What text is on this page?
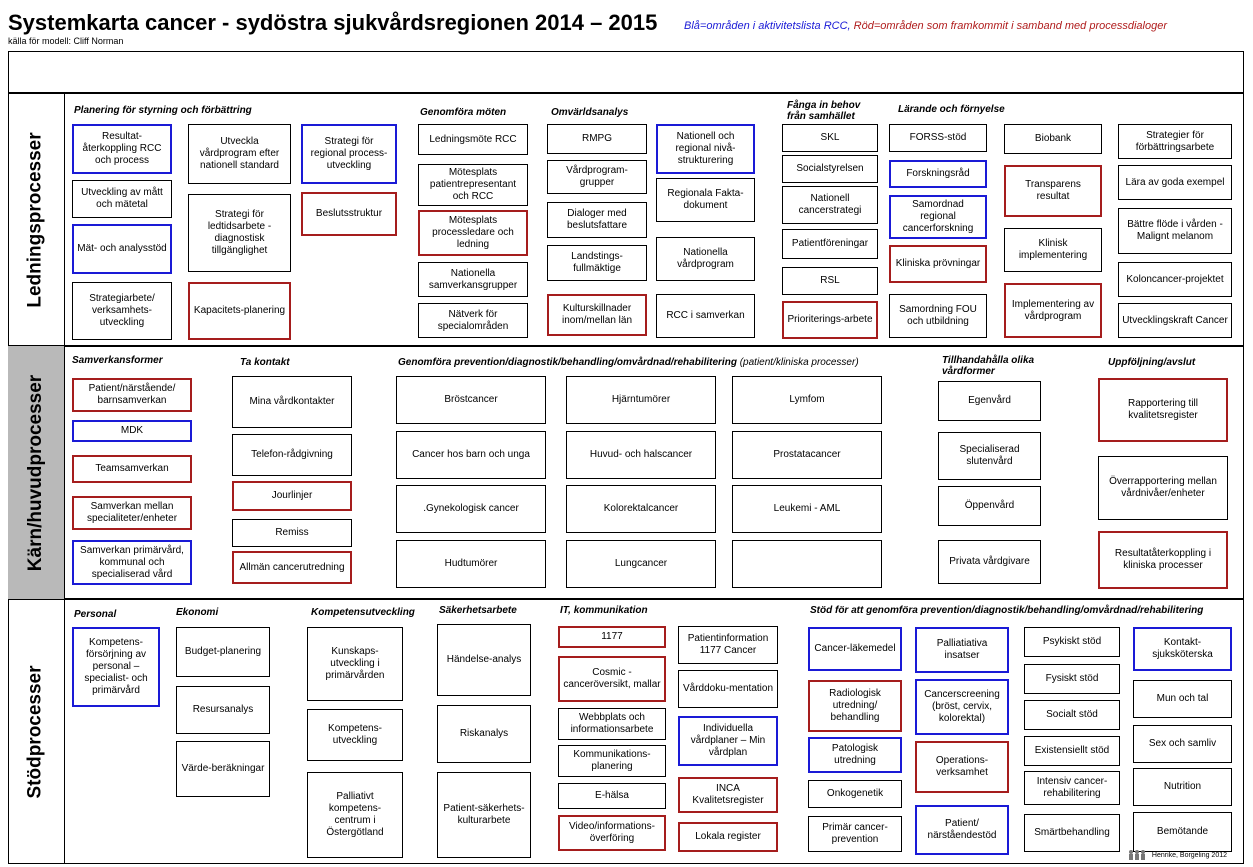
Systemkarta cancer - sydöstra sjukvårdsregionen 2014 – 2015
källa för modell: Cliff Norman
Blå=områden i aktivitetslista RCC, Röd=områden som framkommit i samband med processdialoger
Ledningsprocesser
Kärn/huvudprocesser
Stödprocesser
Planering för styrning och förbättring	Genomföra möten	Omvärldsanalys
Fånga in behov från samhället
Lärande och förnyelse
Samverkansformer	Ta kontakt	Genomföra prevention/diagnostik/behandling/omvårdnad/rehabilitering (patient/kliniska processer)	Tillhandahålla olika vårdformer
Uppföljning/avslut
Personal	Ekonomi	Kompetensutveckling Säkerhetsarbete	IT, kommunikation	Stöd för att genomföra prevention/diagnostik/behandling/omvårdnad/rehabilitering
Resultat-återkoppling RCC och process
Utveckla vårdprogram efter nationell standard
Strategi för regional process-utveckling
Utveckling av mått och mätetal
Strategi för ledtidsarbete - diagnostisk tillgänglighet
Beslutsstruktur
Mät- och analysstöd
Strategiarbete/ verksamhets-utveckling
Kapacitets-planering
Ledningsmöte RCC
Mötesplats patientrepresentant och RCC
Mötesplats processledare och ledning
Nationella samverkansgrupper
Nätverk för specialområden
RMPG
Vårdprogram-grupper
Dialoger med beslutsfattare
Landstings-fullmäktige
Kulturskillnader inom/mellan län
Nationell och regional nivå-strukturering
Regionala Fakta-dokument
Nationella vårdprogram
RCC i samverkan
SKL
Socialstyrelsen
Nationell cancerstrategi
Patientföreningar
RSL
Prioriterings-arbete
FORSS-stöd
Forskningsråd
Samordnad regional cancerforskning
Kliniska prövningar
Samordning FOU och utbildning
Biobank
Transparens resultat
Klinisk implementering
Implementering av vårdprogram
Strategier för förbättringsarbete
Lära av goda exempel
Bättre flöde i vården - Malignt melanom
Koloncancer-projektet
Utvecklingskraft Cancer
Patient/närstående/ barnsamverkan
MDK
Teamsamverkan
Samverkan mellan specialiteter/enheter
Samverkan primärvård, kommunal och specialiserad vård
Mina vårdkontakter
Telefon-rådgivning
Jourlinjer
Remiss
Allmän cancerutredning
Bröstcancer	Hjärntumörer	Lymfom
Cancer hos barn och unga	Huvud- och halscancer	Prostatacancer
.Gynekologisk cancer	Kolorektalcancer	Leukemi - AML
Hudtumörer	Lungcancer
Egenvård
Specialiserad slutenvård
Öppenvård
Privata vårdgivare
Rapportering till kvalitetsregister
Överrapportering mellan vårdnivåer/enheter
Resultatåterkoppling i kliniska processer
Kompetens-försörjning av personal – specialist- och primärvård
Budget-planering
Resursanalys
Värde-beräkningar
Kunskaps-utveckling i primärvården
Kompetens-utveckling
Palliativt kompetens-centrum i Östergötland
Händelse-analys
Riskanalys
Patient-säkerhets-kulturarbete
1177
Cosmic - canceröversikt, mallar
Webbplats och informationsarbete
Kommunikations-planering
E-hälsa
Video/informations-överföring
Patientinformation 1177 Cancer
Vårddoku-mentation
Individuella vårdplaner – Min vårdplan
INCA Kvalitetsregister
Lokala register
Cancer-läkemedel
Radiologisk utredning/ behandling
Patologisk utredning
Onkogenetik
Primär cancer-prevention
Palliatiativa insatser
Cancerscreening (bröst, cervix, kolorektal)
Operations-verksamhet
Patient/ närståendestöd
Psykiskt stöd
Fysiskt stöd
Socialt stöd
Existensiellt stöd
Intensiv cancer-rehabilitering
Smärtbehandling
Kontakt-sjuksköterska
Mun och tal
Sex och samliv
Nutrition
Bemötande
Henrike, Borgeling 2012
